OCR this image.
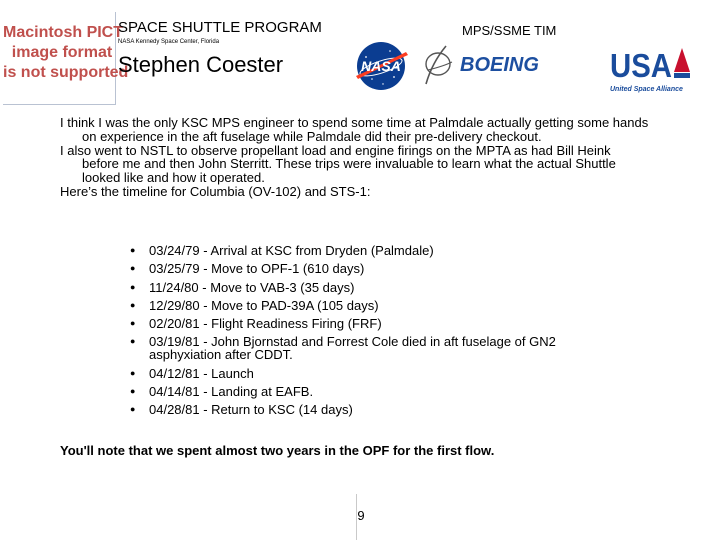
Macintosh PICT
image format
is not supported
SPACE SHUTTLE PROGRAM
NASA Kennedy Space Center, Florida
Stephen Coester
MPS/SSME TIM
NASA	BOEING USA
United Space Alliance

I think I was the only KSC MPS engineer to spend some time at Palmdale actually getting some hands on experience in the aft fuselage while Palmdale did their pre-delivery checkout.

I also went to NSTL to observe propellant load and engine firings on the MPTA as had Bill Heink before me and then John Sterritt. These trips were invaluable to learn what the actual Shuttle looked like and how it operated.

Here’s the timeline for Columbia (OV-102) and STS-1:

● 03/24/79 - Arrival at KSC from Dryden (Palmdale)
● 03/25/79 - Move to OPF-1 (610 days)
● 11/24/80 - Move to VAB-3 (35 days)
● 12/29/80 - Move to PAD-39A (105 days)
● 02/20/81 - Flight Readiness Firing (FRF)
● 03/19/81 - John Bjornstad and Forrest Cole died in aft fuselage of GN2 asphyxiation after CDDT.
● 04/12/81 - Launch
● 04/14/81 - Landing at EAFB.
● 04/28/81 - Return to KSC (14 days)
You'll note that we spent almost two years in the OPF for the first flow.
9
